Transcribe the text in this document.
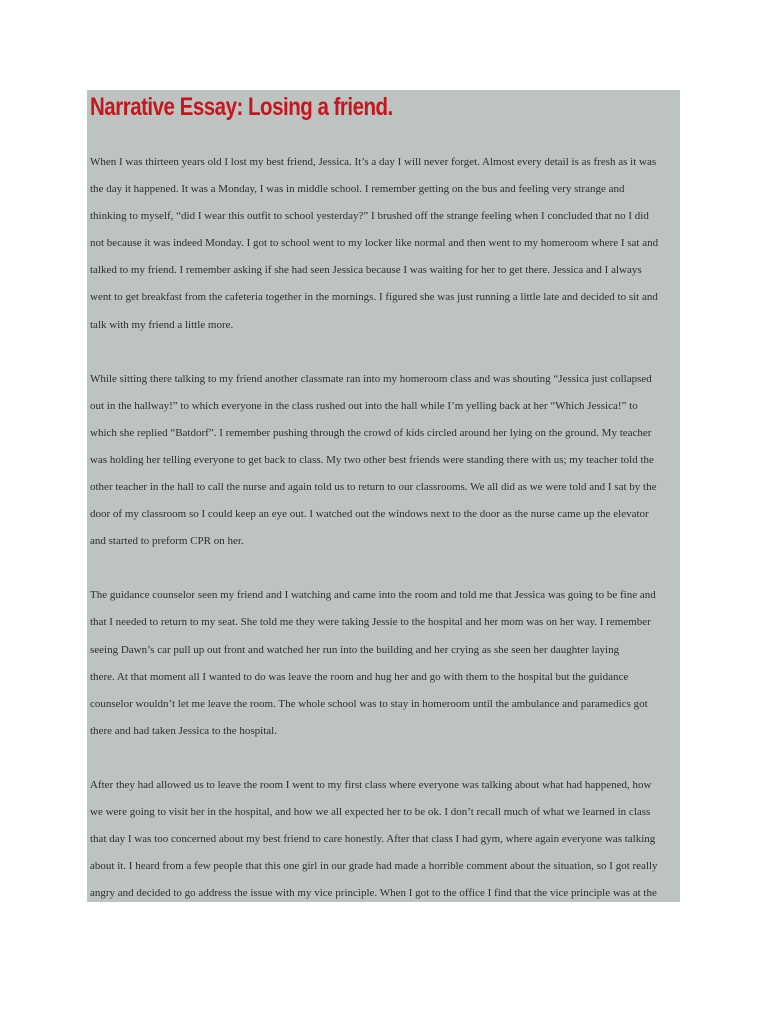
Narrative Essay: Losing a friend.

When I was thirteen years old I lost my best friend, Jessica. It’s a day I will never forget. Almost every detail is as fresh as it was
the day it happened. It was a Monday, I was in middle school. I remember getting on the bus and feeling very strange and
thinking to myself, “did I wear this outfit to school yesterday?” I brushed off the strange feeling when I concluded that no I did
not because it was indeed Monday. I got to school went to my locker like normal and then went to my homeroom where I sat and
talked to my friend. I remember asking if she had seen Jessica because I was waiting for her to get there. Jessica and I always
went to get breakfast from the cafeteria together in the mornings. I figured she was just running a little late and decided to sit and
talk with my friend a little more.

While sitting there talking to my friend another classmate ran into my homeroom class and was shouting “Jessica just collapsed
out in the hallway!” to which everyone in the class rushed out into the hall while I’m yelling back at her “Which Jessica!” to
which she replied “Batdorf”. I remember pushing through the crowd of kids circled around her lying on the ground. My teacher
was holding her telling everyone to get back to class. My two other best friends were standing there with us; my teacher told the
other teacher in the hall to call the nurse and again told us to return to our classrooms. We all did as we were told and I sat by the
door of my classroom so I could keep an eye out. I watched out the windows next to the door as the nurse came up the elevator
and started to preform CPR on her.

The guidance counselor seen my friend and I watching and came into the room and told me that Jessica was going to be fine and
that I needed to return to my seat. She told me they were taking Jessie to the hospital and her mom was on her way. I remember
seeing Dawn’s car pull up out front and watched her run into the building and her crying as she seen her daughter laying
there. At that moment all I wanted to do was leave the room and hug her and go with them to the hospital but the guidance
counselor wouldn’t let me leave the room. The whole school was to stay in homeroom until the ambulance and paramedics got
there and had taken Jessica to the hospital.

After they had allowed us to leave the room I went to my first class where everyone was talking about what had happened, how
we were going to visit her in the hospital, and how we all expected her to be ok. I don’t recall much of what we learned in class
that day I was too concerned about my best friend to care honestly. After that class I had gym, where again everyone was talking
about it. I heard from a few people that this one girl in our grade had made a horrible comment about the situation, so I got really
angry and decided to go address the issue with my vice principle. When I got to the office I find that the vice principle was at the
